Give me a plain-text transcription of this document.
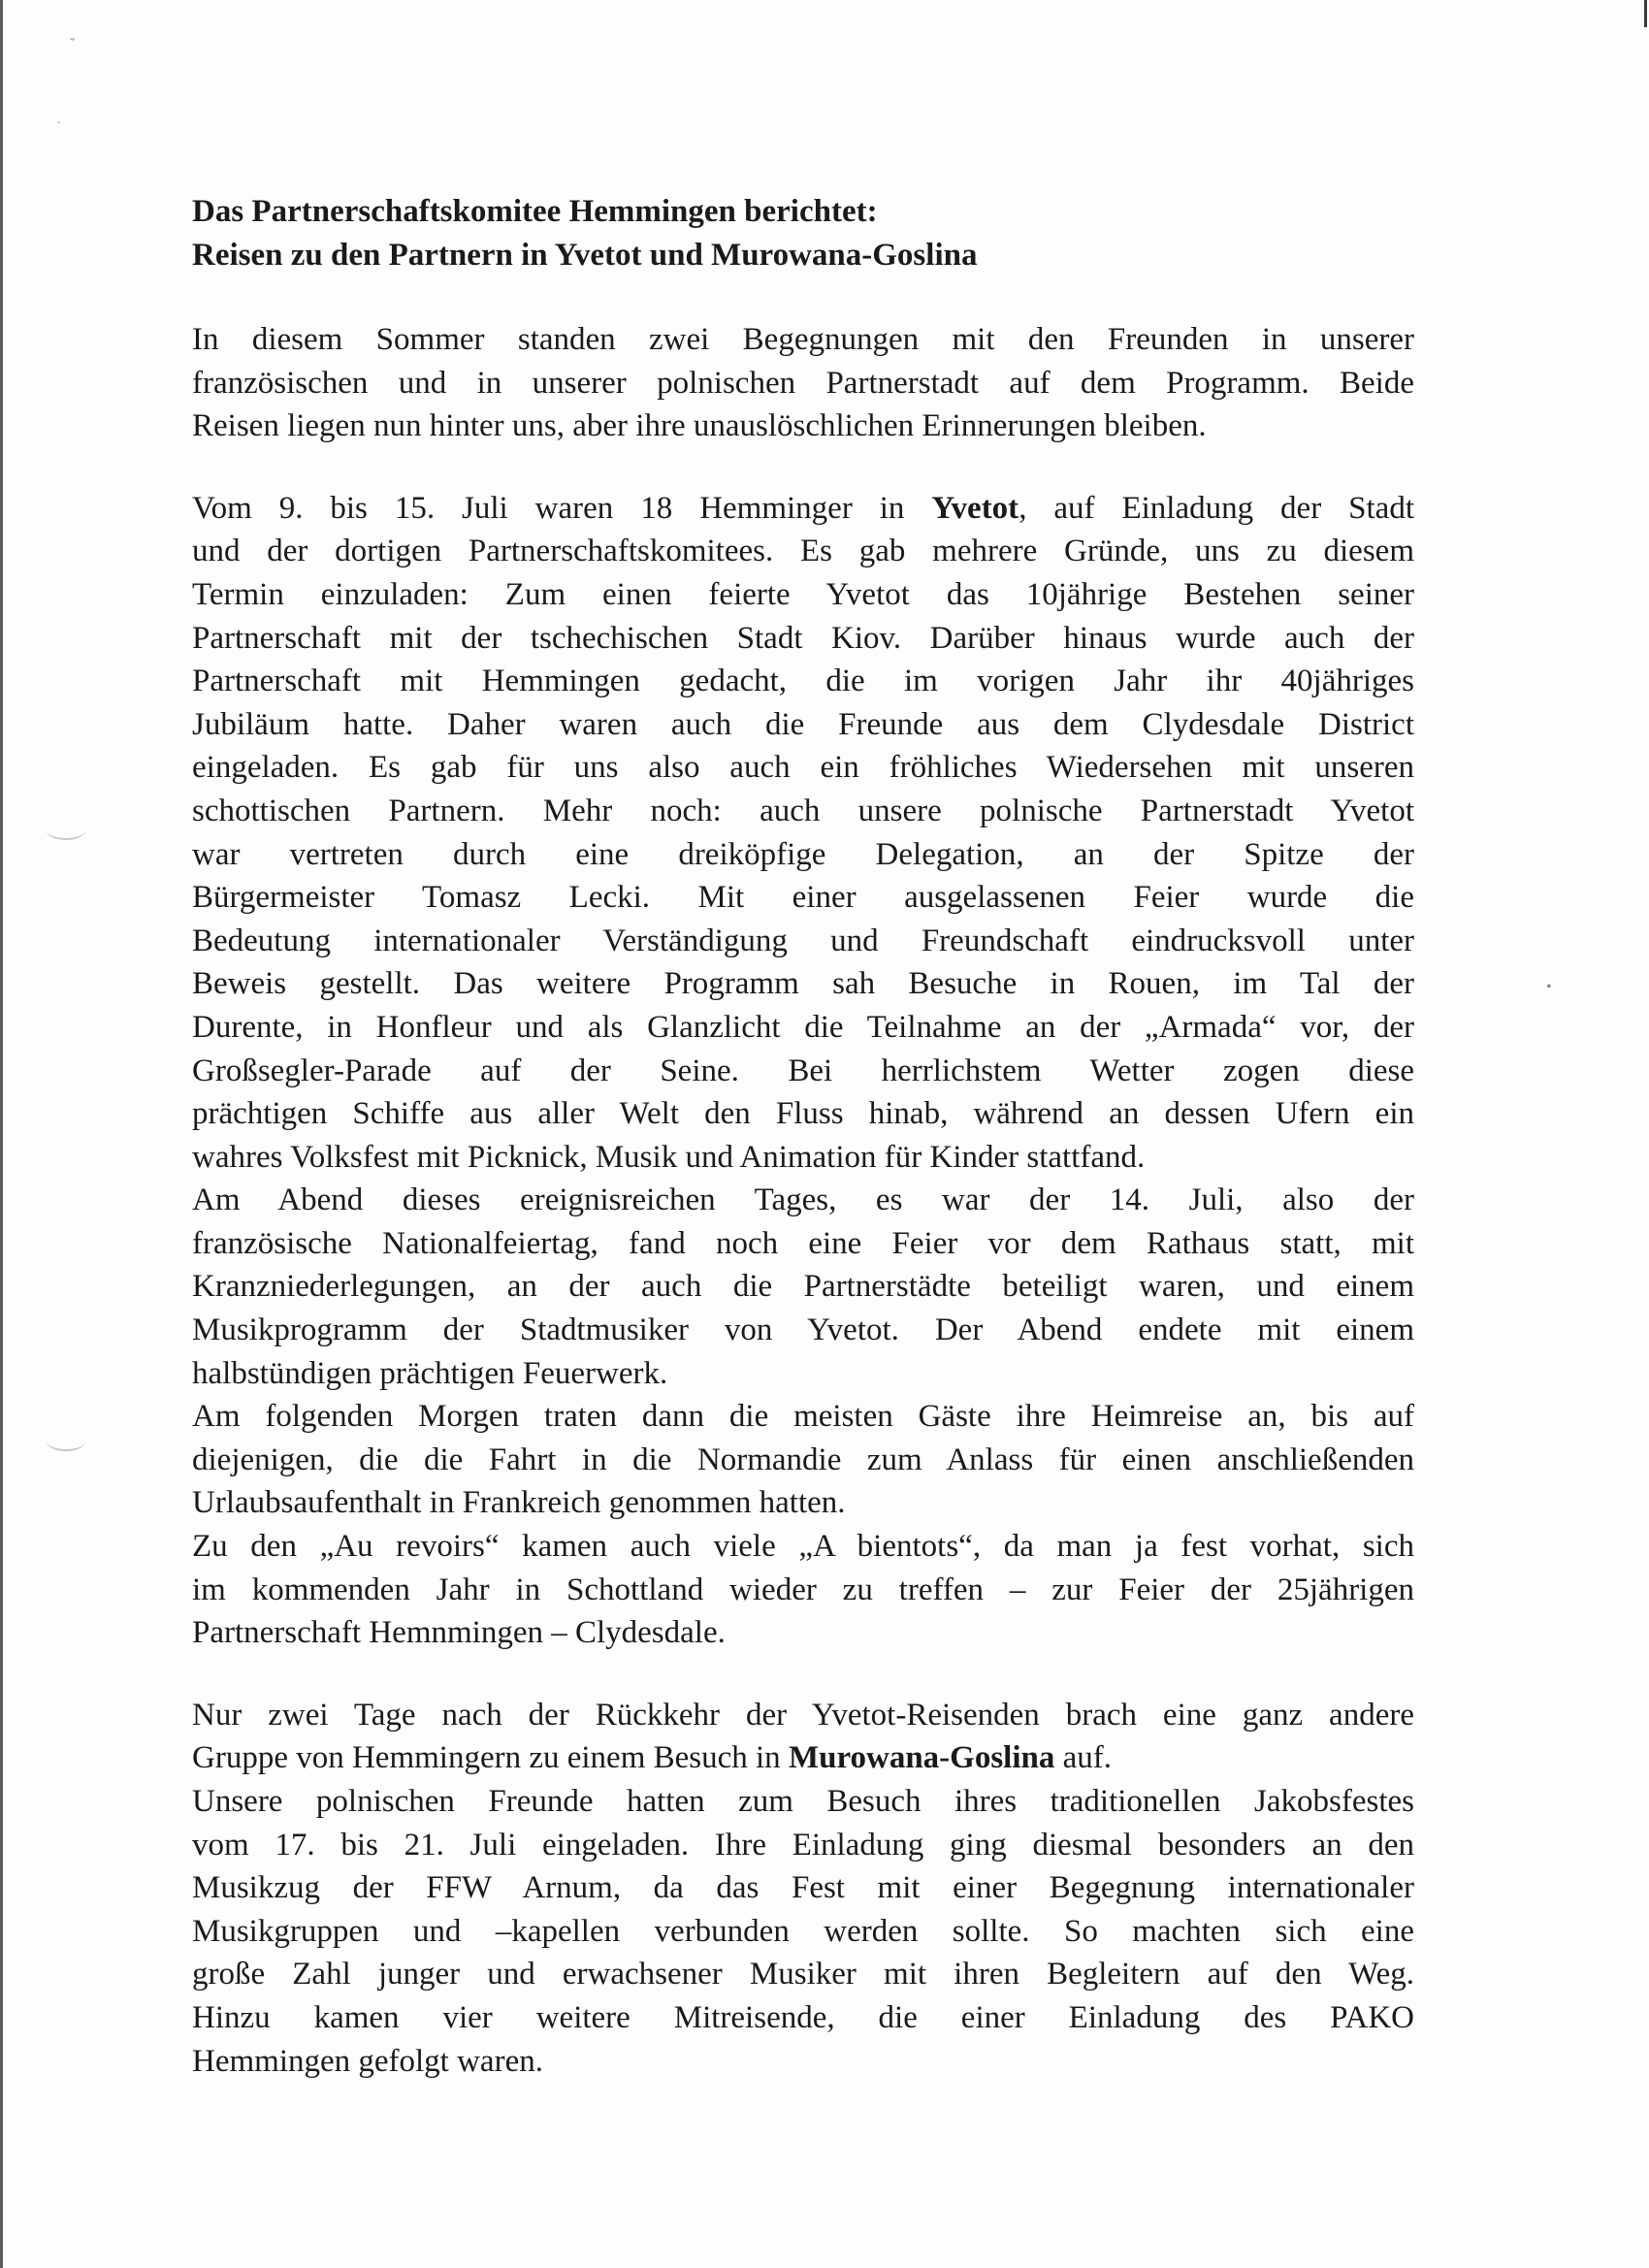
ˇ
˙
•
Das Partnerschaftskomitee Hemmingen berichtet:
Reisen zu den Partnern in Yvetot und Murowana-Goslina

In diesem Sommer standen zwei Begegnungen mit den Freunden in unserer
französischen und in unserer polnischen Partnerstadt auf dem Programm. Beide
Reisen liegen nun hinter uns, aber ihre unauslöschlichen Erinnerungen bleiben.

Vom 9. bis 15. Juli waren 18 Hemminger in Yvetot, auf Einladung der Stadt
und der dortigen Partnerschaftskomitees. Es gab mehrere Gründe, uns zu diesem
Termin einzuladen: Zum einen feierte Yvetot das 10jährige Bestehen seiner
Partnerschaft mit der tschechischen Stadt Kiov. Darüber hinaus wurde auch der
Partnerschaft mit Hemmingen gedacht, die im vorigen Jahr ihr 40jähriges
Jubiläum hatte. Daher waren auch die Freunde aus dem Clydesdale District
eingeladen. Es gab für uns also auch ein fröhliches Wiedersehen mit unseren
schottischen Partnern. Mehr noch: auch unsere polnische Partnerstadt Yvetot
war vertreten durch eine dreiköpfige Delegation, an der Spitze der
Bürgermeister Tomasz Lecki. Mit einer ausgelassenen Feier wurde die
Bedeutung internationaler Verständigung und Freundschaft eindrucksvoll unter
Beweis gestellt. Das weitere Programm sah Besuche in Rouen, im Tal der
Durente, in Honfleur und als Glanzlicht die Teilnahme an der „Armada“ vor, der
Großsegler-Parade auf der Seine. Bei herrlichstem Wetter zogen diese
prächtigen Schiffe aus aller Welt den Fluss hinab, während an dessen Ufern ein
wahres Volksfest mit Picknick, Musik und Animation für Kinder stattfand.
Am Abend dieses ereignisreichen Tages, es war der 14. Juli, also der
französische Nationalfeiertag, fand noch eine Feier vor dem Rathaus statt, mit
Kranzniederlegungen, an der auch die Partnerstädte beteiligt waren, und einem
Musikprogramm der Stadtmusiker von Yvetot. Der Abend endete mit einem
halbstündigen prächtigen Feuerwerk.
Am folgenden Morgen traten dann die meisten Gäste ihre Heimreise an, bis auf
diejenigen, die die Fahrt in die Normandie zum Anlass für einen anschließenden
Urlaubsaufenthalt in Frankreich genommen hatten.
Zu den „Au revoirs“ kamen auch viele „A bientots“, da man ja fest vorhat, sich
im kommenden Jahr in Schottland wieder zu treffen – zur Feier der 25jährigen
Partnerschaft Hemnmingen – Clydesdale.
Nur zwei Tage nach der Rückkehr der Yvetot-Reisenden brach eine ganz andere
Gruppe von Hemmingern zu einem Besuch in Murowana-Goslina auf.
Unsere polnischen Freunde hatten zum Besuch ihres traditionellen Jakobsfestes
vom 17. bis 21. Juli eingeladen. Ihre Einladung ging diesmal besonders an den
Musikzug der FFW Arnum, da das Fest mit einer Begegnung internationaler
Musikgruppen und –kapellen verbunden werden sollte. So machten sich eine
große Zahl junger und erwachsener Musiker mit ihren Begleitern auf den Weg.
Hinzu kamen vier weitere Mitreisende, die einer Einladung des PAKO
Hemmingen gefolgt waren.
